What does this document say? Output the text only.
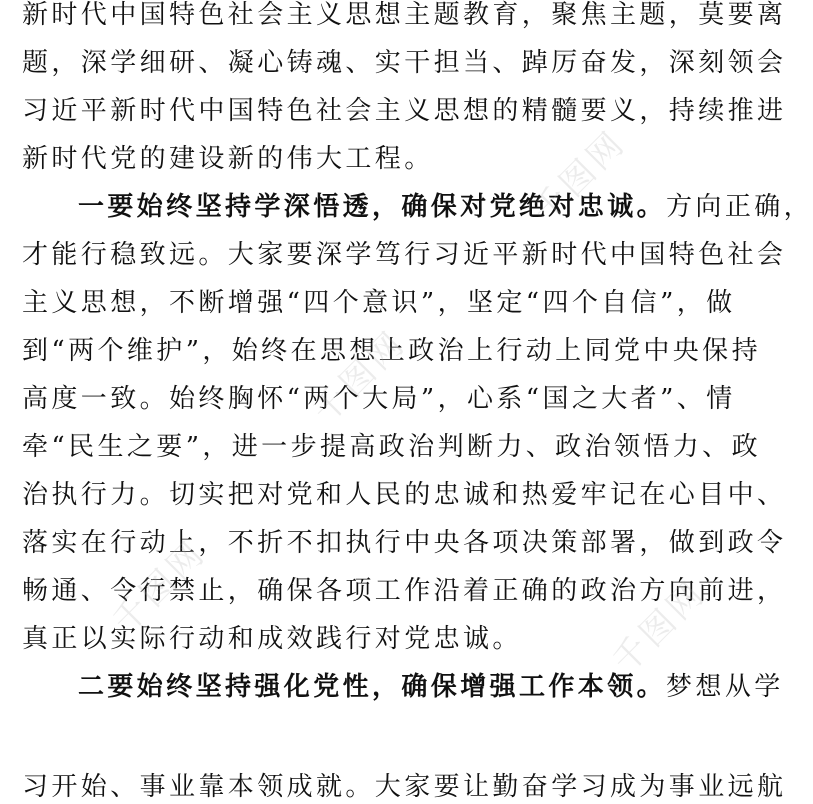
新时代中国特色社会主义思想主题教育，聚焦主题，莫要离
题，深学细研、凝心铸魂、实干担当、踔厉奋发，深刻领会
习近平新时代中国特色社会主义思想的精髓要义，持续推进
新时代党的建设新的伟大工程。
一要始终坚持学深悟透，确保对党绝对忠诚。方向正确，
才能行稳致远。大家要深学笃行习近平新时代中国特色社会
主义思想，不断增强“四个意识”，坚定“四个自信”，做
到“两个维护”，始终在思想上政治上行动上同党中央保持
高度一致。始终胸怀“两个大局”，心系“国之大者”、情
牵“民生之要”，进一步提高政治判断力、政治领悟力、政
治执行力。切实把对党和人民的忠诚和热爱牢记在心目中、
落实在行动上，不折不扣执行中央各项决策部署，做到政令
畅通、令行禁止，确保各项工作沿着正确的政治方向前进，
真正以实际行动和成效践行对党忠诚。
二要始终坚持强化党性，确保增强工作本领。梦想从学
习开始、事业靠本领成就。大家要让勤奋学习成为事业远航
千图网
千图网
千图网
千图网
